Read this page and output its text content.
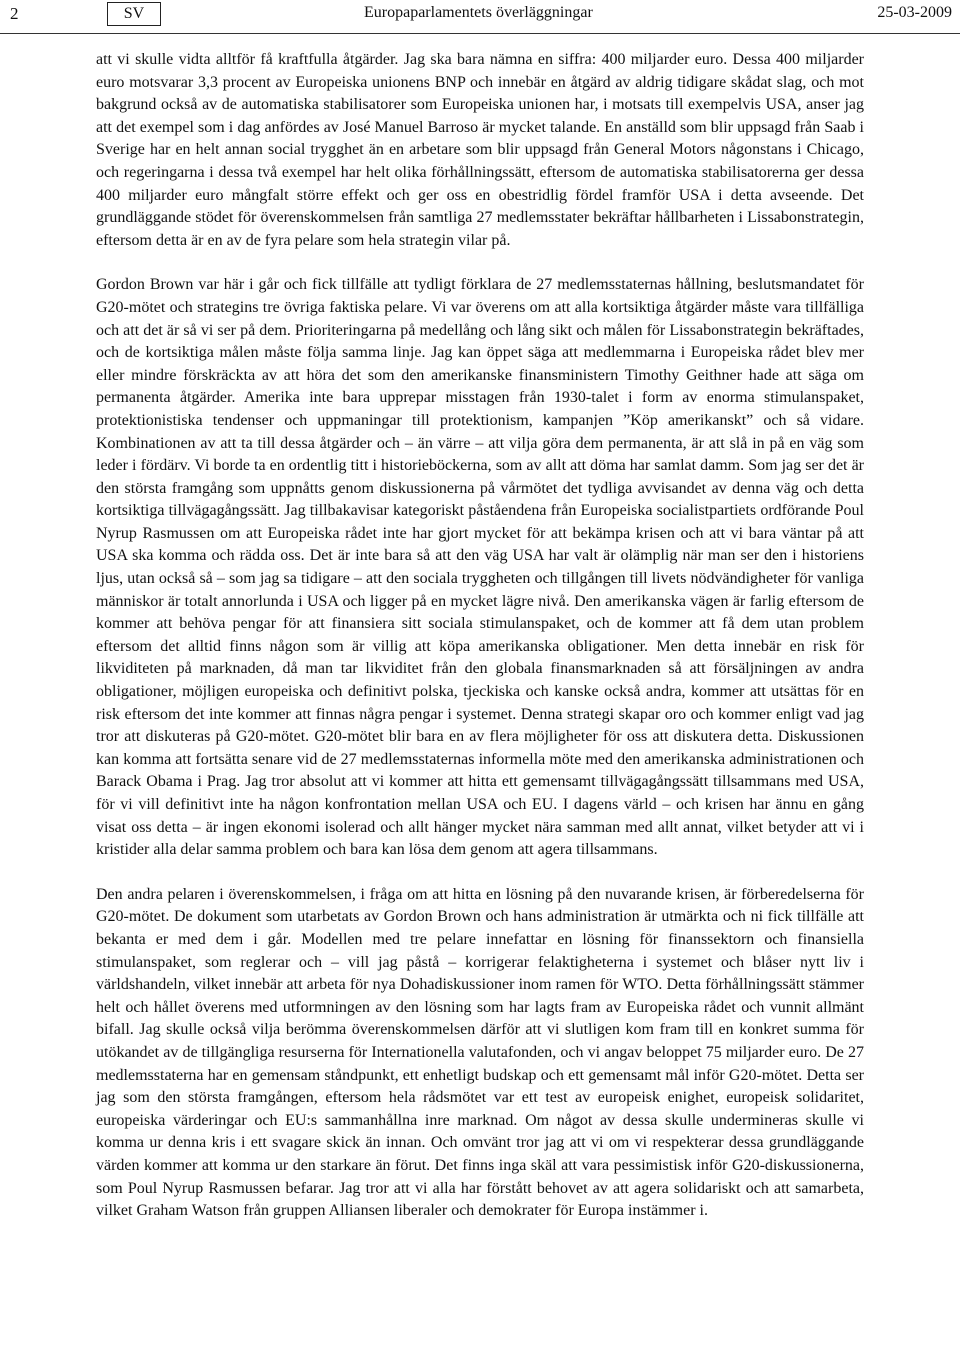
2	SV	Europaparlamentets överläggningar	25-03-2009

att vi skulle vidta alltför få kraftfulla åtgärder. Jag ska bara nämna en siffra: 400 miljarder euro. Dessa 400 miljarder euro motsvarar 3,3 procent av Europeiska unionens BNP och innebär en åtgärd av aldrig tidigare skådat slag, och mot bakgrund också av de automatiska stabilisatorer som Europeiska unionen har, i motsats till exempelvis USA, anser jag att det exempel som i dag anfördes av José Manuel Barroso är mycket talande. En anställd som blir uppsagd från Saab i Sverige har en helt annan social trygghet än en arbetare som blir uppsagd från General Motors någonstans i Chicago, och regeringarna i dessa två exempel har helt olika förhållningssätt, eftersom de automatiska stabilisatorerna ger dessa 400 miljarder euro mångfalt större effekt och ger oss en obestridlig fördel framför USA i detta avseende. Det grundläggande stödet för överenskommelsen från samtliga 27 medlemsstater bekräftar hållbarheten i Lissabonstrategin, eftersom detta är en av de fyra pelare som hela strategin vilar på.

Gordon Brown var här i går och fick tillfälle att tydligt förklara de 27 medlemsstaternas hållning, beslutsmandatet för G20-mötet och strategins tre övriga faktiska pelare. Vi var överens om att alla kortsiktiga åtgärder måste vara tillfälliga och att det är så vi ser på dem. Prioriteringarna på medellång och lång sikt och målen för Lissabonstrategin bekräftades, och de kortsiktiga målen måste följa samma linje. Jag kan öppet säga att medlemmarna i Europeiska rådet blev mer eller mindre förskräckta av att höra det som den amerikanske finansministern Timothy Geithner hade att säga om permanenta åtgärder. Amerika inte bara upprepar misstagen från 1930-talet i form av enorma stimulanspaket, protektionistiska tendenser och uppmaningar till protektionism, kampanjen ”Köp amerikanskt” och så vidare. Kombinationen av att ta till dessa åtgärder och – än värre – att vilja göra dem permanenta, är att slå in på en väg som leder i fördärv. Vi borde ta en ordentlig titt i historieböckerna, som av allt att döma har samlat damm. Som jag ser det är den största framgång som uppnåtts genom diskussionerna på vårmötet det tydliga avvisandet av denna väg och detta kortsiktiga tillvägagångssätt. Jag tillbakavisar kategoriskt påståendena från Europeiska socialistpartiets ordförande Poul Nyrup Rasmussen om att Europeiska rådet inte har gjort mycket för att bekämpa krisen och att vi bara väntar på att USA ska komma och rädda oss. Det är inte bara så att den väg USA har valt är olämplig när man ser den i historiens ljus, utan också så – som jag sa tidigare – att den sociala tryggheten och tillgången till livets nödvändigheter för vanliga människor är totalt annorlunda i USA och ligger på en mycket lägre nivå. Den amerikanska vägen är farlig eftersom de kommer att behöva pengar för att finansiera sitt sociala stimulanspaket, och de kommer att få dem utan problem eftersom det alltid finns någon som är villig att köpa amerikanska obligationer. Men detta innebär en risk för likviditeten på marknaden, då man tar likviditet från den globala finansmarknaden så att försäljningen av andra obligationer, möjligen europeiska och definitivt polska, tjeckiska och kanske också andra, kommer att utsättas för en risk eftersom det inte kommer att finnas några pengar i systemet. Denna strategi skapar oro och kommer enligt vad jag tror att diskuteras på G20-mötet. G20-mötet blir bara en av flera möjligheter för oss att diskutera detta. Diskussionen kan komma att fortsätta senare vid de 27 medlemsstaternas informella möte med den amerikanska administrationen och Barack Obama i Prag. Jag tror absolut att vi kommer att hitta ett gemensamt tillvägagångssätt tillsammans med USA, för vi vill definitivt inte ha någon konfrontation mellan USA och EU. I dagens värld – och krisen har ännu en gång visat oss detta – är ingen ekonomi isolerad och allt hänger mycket nära samman med allt annat, vilket betyder att vi i kristider alla delar samma problem och bara kan lösa dem genom att agera tillsammans.

Den andra pelaren i överenskommelsen, i fråga om att hitta en lösning på den nuvarande krisen, är förberedelserna för G20-mötet. De dokument som utarbetats av Gordon Brown och hans administration är utmärkta och ni fick tillfälle att bekanta er med dem i går. Modellen med tre pelare innefattar en lösning för finanssektorn och finansiella stimulanspaket, som reglerar och – vill jag påstå – korrigerar felaktigheterna i systemet och blåser nytt liv i världshandeln, vilket innebär att arbeta för nya Dohadiskussioner inom ramen för WTO. Detta förhållningssätt stämmer helt och hållet överens med utformningen av den lösning som har lagts fram av Europeiska rådet och vunnit allmänt bifall. Jag skulle också vilja berömma överenskommelsen därför att vi slutligen kom fram till en konkret summa för utökandet av de tillgängliga resurserna för Internationella valutafonden, och vi angav beloppet 75 miljarder euro. De 27 medlemsstaterna har en gemensam ståndpunkt, ett enhetligt budskap och ett gemensamt mål inför G20-mötet. Detta ser jag som den största framgången, eftersom hela rådsmötet var ett test av europeisk enighet, europeisk solidaritet, europeiska värderingar och EU:s sammanhållna inre marknad. Om något av dessa skulle undermineras skulle vi komma ur denna kris i ett svagare skick än innan. Och omvänt tror jag att vi om vi respekterar dessa grundläggande värden kommer att komma ur den starkare än förut. Det finns inga skäl att vara pessimistisk inför G20-diskussionerna, som Poul Nyrup Rasmussen befarar. Jag tror att vi alla har förstått behovet av att agera solidariskt och att samarbeta, vilket Graham Watson från gruppen Alliansen liberaler och demokrater för Europa instämmer i.
